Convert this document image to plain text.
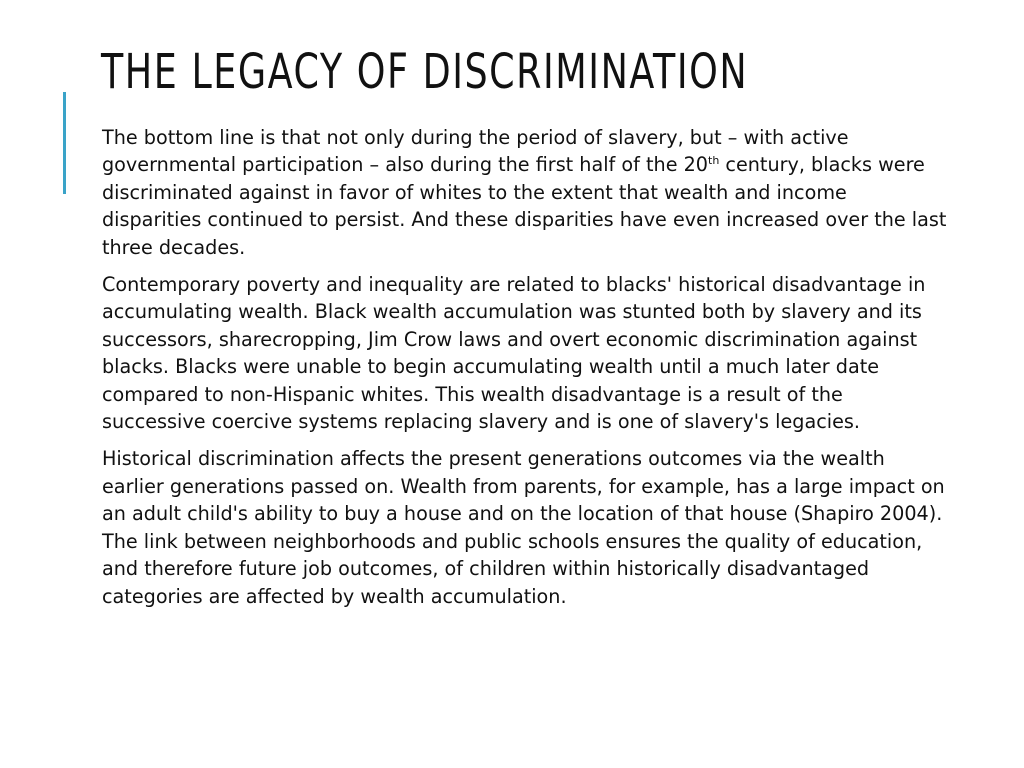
THE LEGACY OF DISCRIMINATION

The bottom line is that not only during the period of slavery, but – with active governmental participation – also during the first half of the 20th century, blacks were discriminated against in favor of whites to the extent that wealth and income disparities continued to persist. And these disparities have even increased over the last three decades.

Contemporary poverty and inequality are related to blacks' historical disadvantage in accumulating wealth. Black wealth accumulation was stunted both by slavery and its successors, sharecropping, Jim Crow laws and overt economic discrimination against blacks. Blacks were unable to begin accumulating wealth until a much later date compared to non-Hispanic whites. This wealth disadvantage is a result of the successive coercive systems replacing slavery and is one of slavery's legacies.

Historical discrimination affects the present generations outcomes via the wealth earlier generations passed on. Wealth from parents, for example, has a large impact on an adult child's ability to buy a house and on the location of that house (Shapiro 2004). The link between neighborhoods and public schools ensures the quality of education, and therefore future job outcomes, of children within historically disadvantaged categories are affected by wealth accumulation.
